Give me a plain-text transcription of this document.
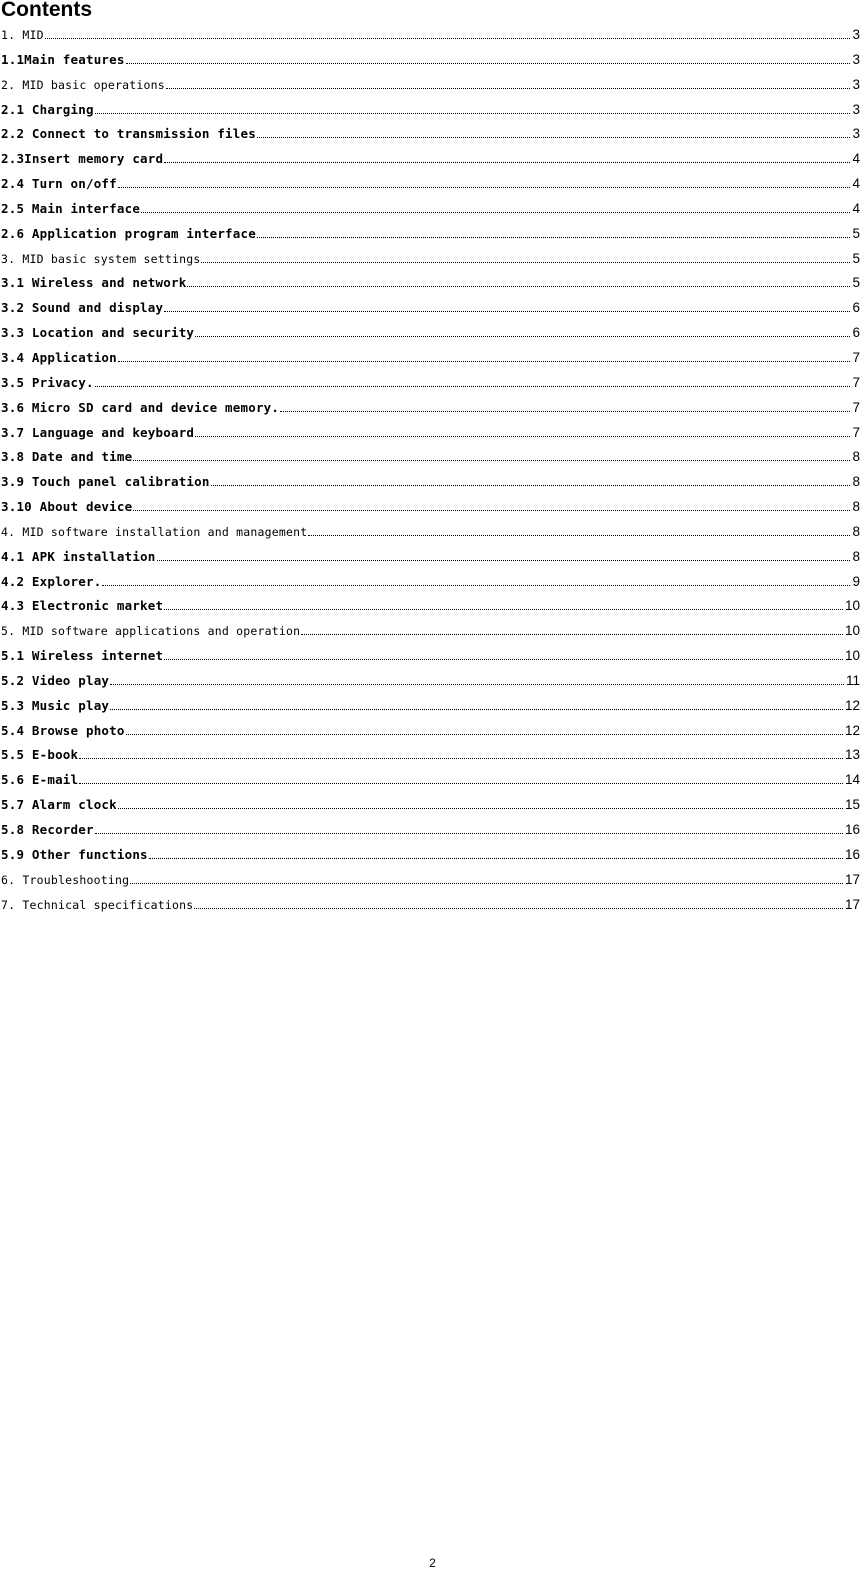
Contents
1. MID	3
1.1Main features	3
2. MID basic operations	3
2.1 Charging	3
2.2 Connect to transmission files	3
2.3Insert memory card	4
2.4 Turn on/off	4
2.5 Main interface	4
2.6 Application program interface	5
3. MID basic system settings	5
3.1 Wireless and network	5
3.2 Sound and display	6
3.3 Location and security	6
3.4 Application	7
3.5 Privacy.	7
3.6 Micro SD card and device memory.	7
3.7 Language and keyboard	7
3.8 Date and time	8
3.9 Touch panel calibration	8
3.10 About device	8
4. MID software installation and management	8
4.1 APK installation	8
4.2 Explorer.	9
4.3 Electronic market	10
5. MID software applications and operation	10
5.1 Wireless internet	10
5.2 Video play	11
5.3 Music play	12
5.4 Browse photo	12
5.5 E-book	13
5.6 E-mail	14
5.7 Alarm clock	15
5.8 Recorder	16
5.9 Other functions	16
6. Troubleshooting	17
7. Technical specifications	17
2
